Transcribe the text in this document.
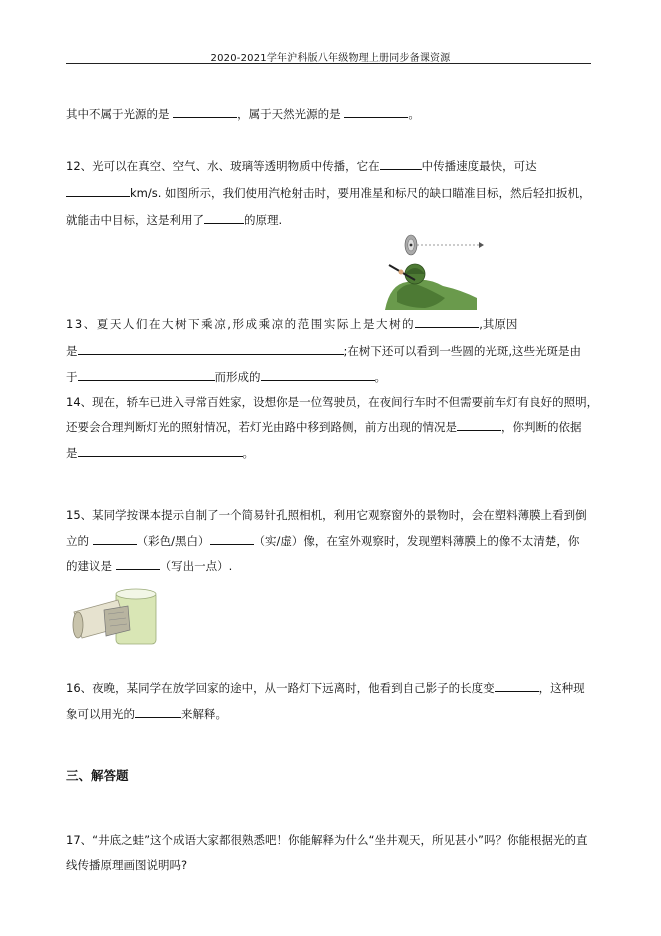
2020-2021学年沪科版八年级物理上册同步备课资源
其中不属于光源的是	，属于天然光源的是	。
12、光可以在真空、空气、水、玻璃等透明物质中传播，它在	中传播速度最快，可达
km/s. 如图所示，我们使用汽枪射击时，要用准星和标尺的缺口瞄准目标，然后轻扣扳机，
就能击中目标，这是利用了	的原理.
13、夏天人们在大树下乘凉,形成乘凉的范围实际上是大树的	,其原因
是	;在树下还可以看到一些圆的光斑,这些光斑是由
于	而形成的	。
14、现在，轿车已进入寻常百姓家，设想你是一位驾驶员，在夜间行车时不但需要前车灯有良好的照明，
还要会合理判断灯光的照射情况，若灯光由路中移到路侧，前方出现的情况是	，你判断的依据
是	。
15、某同学按课本提示自制了一个简易针孔照相机，利用它观察窗外的景物时，会在塑料薄膜上看到倒
立的	（彩色/黑白）	（实/虚）像，在室外观察时，发现塑料薄膜上的像不太清楚，你
的建议是	（写出一点）.
16、夜晚，某同学在放学回家的途中，从一路灯下远离时，他看到自己影子的长度变	，这种现
象可以用光的	来解释。
三、解答题
17、“井底之蛙”这个成语大家都很熟悉吧！你能解释为什么“坐井观天，所见甚小”吗？你能根据光的直
线传播原理画图说明吗?
